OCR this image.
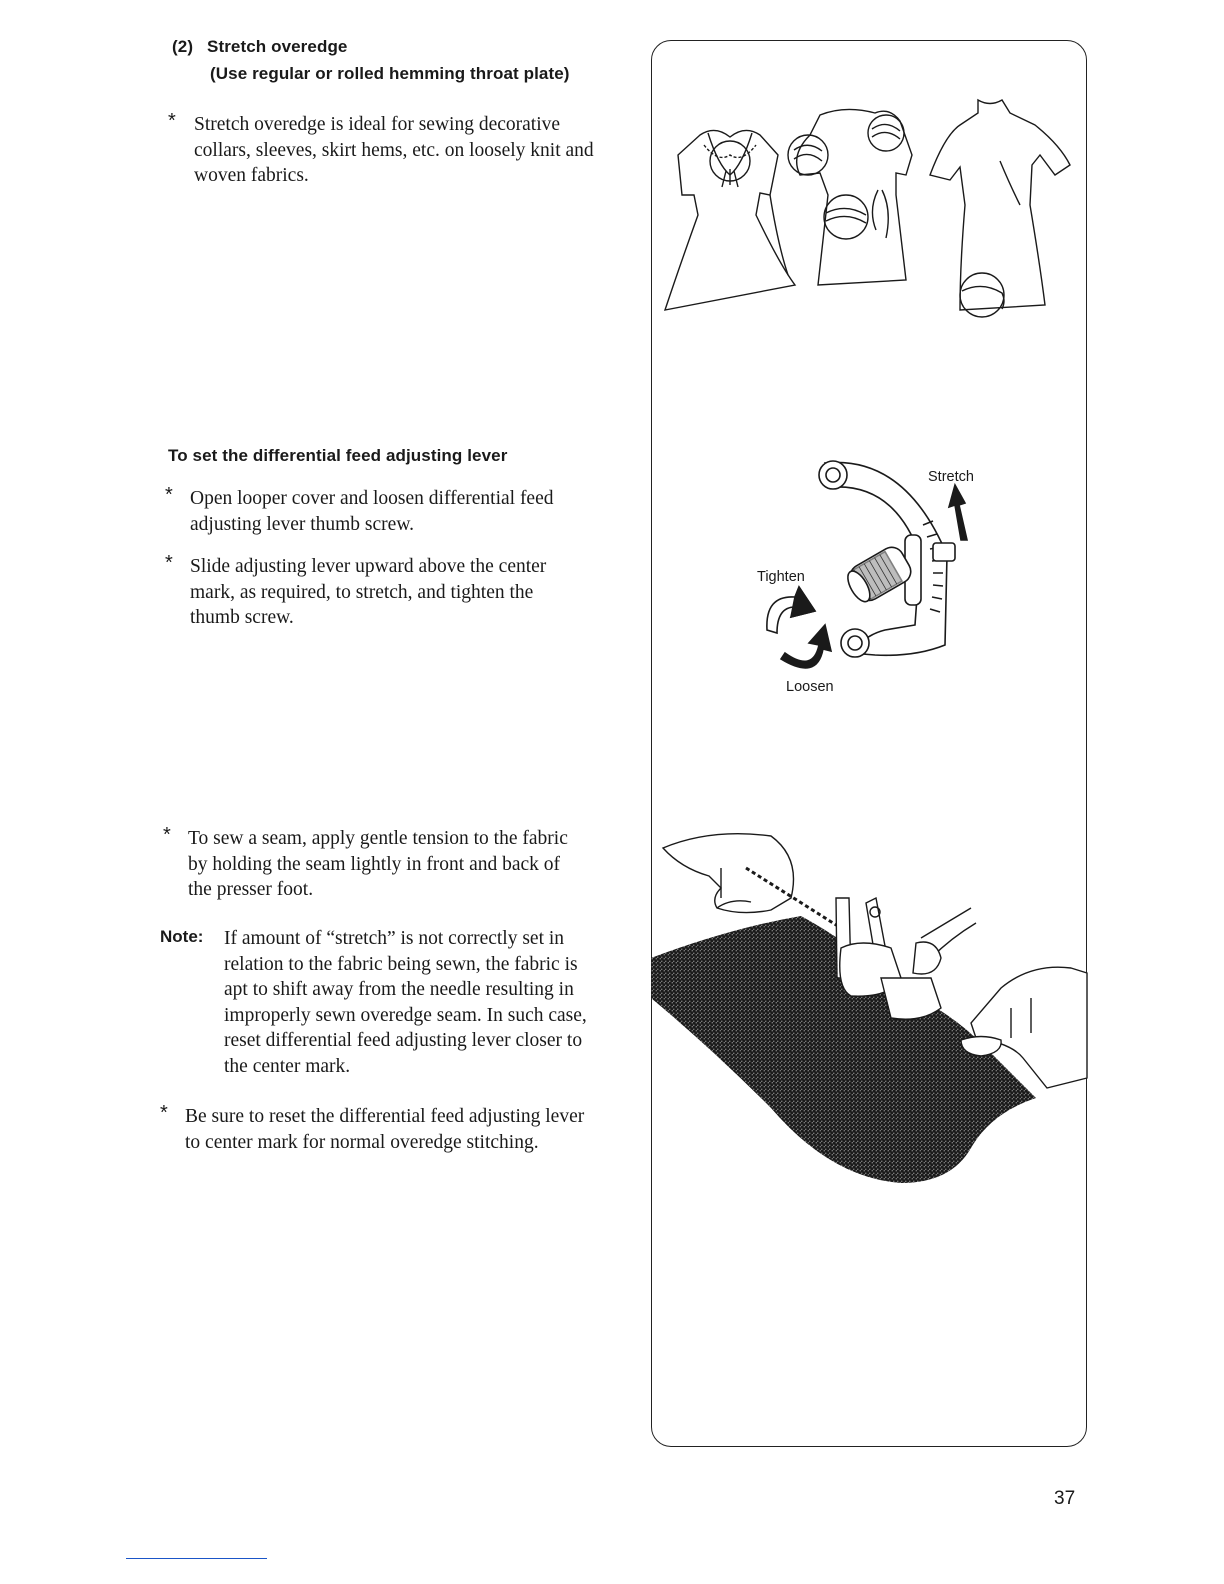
(2) Stretch overedge
(Use regular or rolled hemming throat plate)
* Stretch overedge is ideal for sewing decorative
collars, sleeves, skirt hems, etc. on loosely knit and
woven fabrics.
To set the differential feed adjusting lever
* Open looper cover and loosen differential feed
adjusting lever thumb screw.
* Slide adjusting lever upward above the center
mark, as required, to stretch, and tighten the
thumb screw.
* To sew a seam, apply gentle tension to the fabric
by holding the seam lightly in front and back of
the presser foot.
Note: If amount of “stretch” is not correctly set in
relation to the fabric being sewn, the fabric is
apt to shift away from the needle resulting in
improperly sewn overedge seam. In such case,
reset differential feed adjusting lever closer to
the center mark.
* Be sure to reset the differential feed adjusting lever
to center mark for normal overedge stitching.
Stretch
Tighten
Loosen
37
